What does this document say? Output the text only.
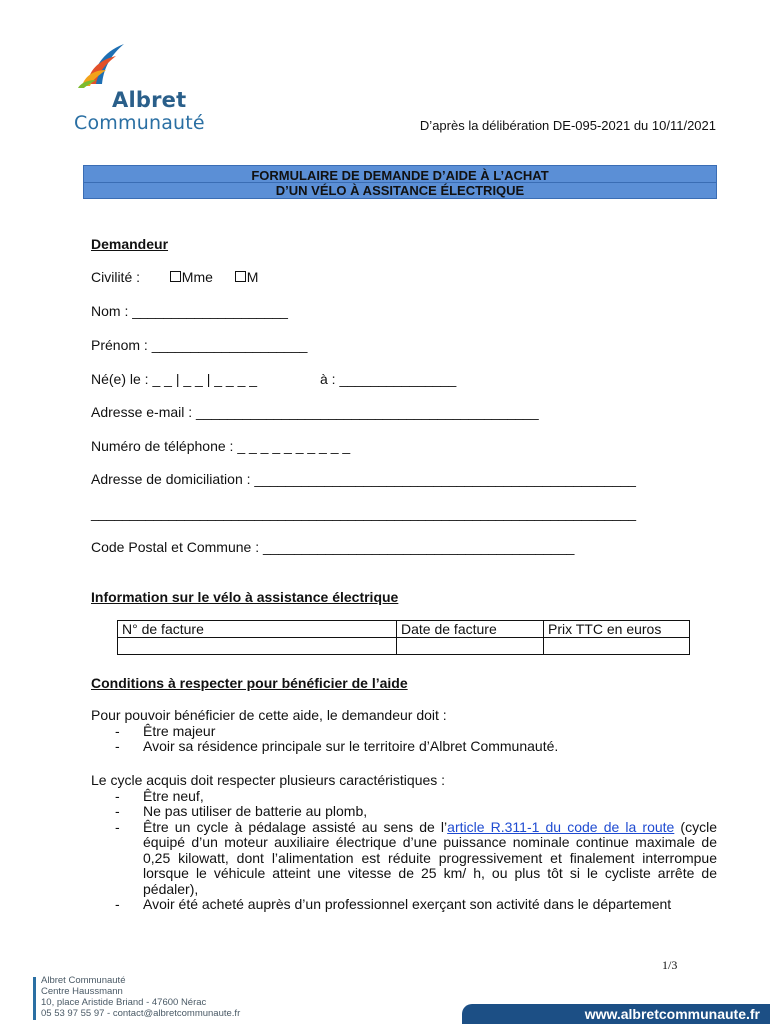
Albret
Communauté	D’après la délibération DE-095-2021 du 10/11/2021
FORMULAIRE DE DEMANDE D’AIDE À L’ACHAT
D’UN VÉLO À ASSITANCE ÉLECTRIQUE
Demandeur
Civilité :	Mme M
Nom : ____________________
Prénom : ____________________
Né(e) le : _ _ | _ _ | _ _ _ _	à : _______________
Adresse e-mail : ____________________________________________
Numéro de téléphone : _ _ _ _ _ _ _ _ _ _
Adresse de domiciliation : _________________________________________________
______________________________________________________________________
Code Postal et Commune : ________________________________________
Information sur le vélo à assistance électrique
N° de facture	Date de facture	Prix TTC en euros

Conditions à respecter pour bénéficier de l’aide
Pour pouvoir bénéficier de cette aide, le demandeur doit :
- Être majeur
- Avoir sa résidence principale sur le territoire d’Albret Communauté.
Le cycle acquis doit respecter plusieurs caractéristiques :
- Être neuf,
- Ne pas utiliser de batterie au plomb,
- Être un cycle à pédalage assisté au sens de l’article R.311-1 du code de la route (cycle équipé d’un moteur auxiliaire électrique d’une puissance nominale continue maximale de 0,25 kilowatt, dont l’alimentation est réduite progressivement et finalement interrompue lorsque le véhicule atteint une vitesse de 25 km/ h, ou plus tôt si le cycliste arrête de pédaler),
- Avoir été acheté auprès d’un professionnel exerçant son activité dans le département
1/3
Albret Communauté
Centre Haussmann
10, place Aristide Briand - 47600 Nérac
05 53 97 55 97 - contact@albretcommunaute.fr	www.albretcommunaute.fr
